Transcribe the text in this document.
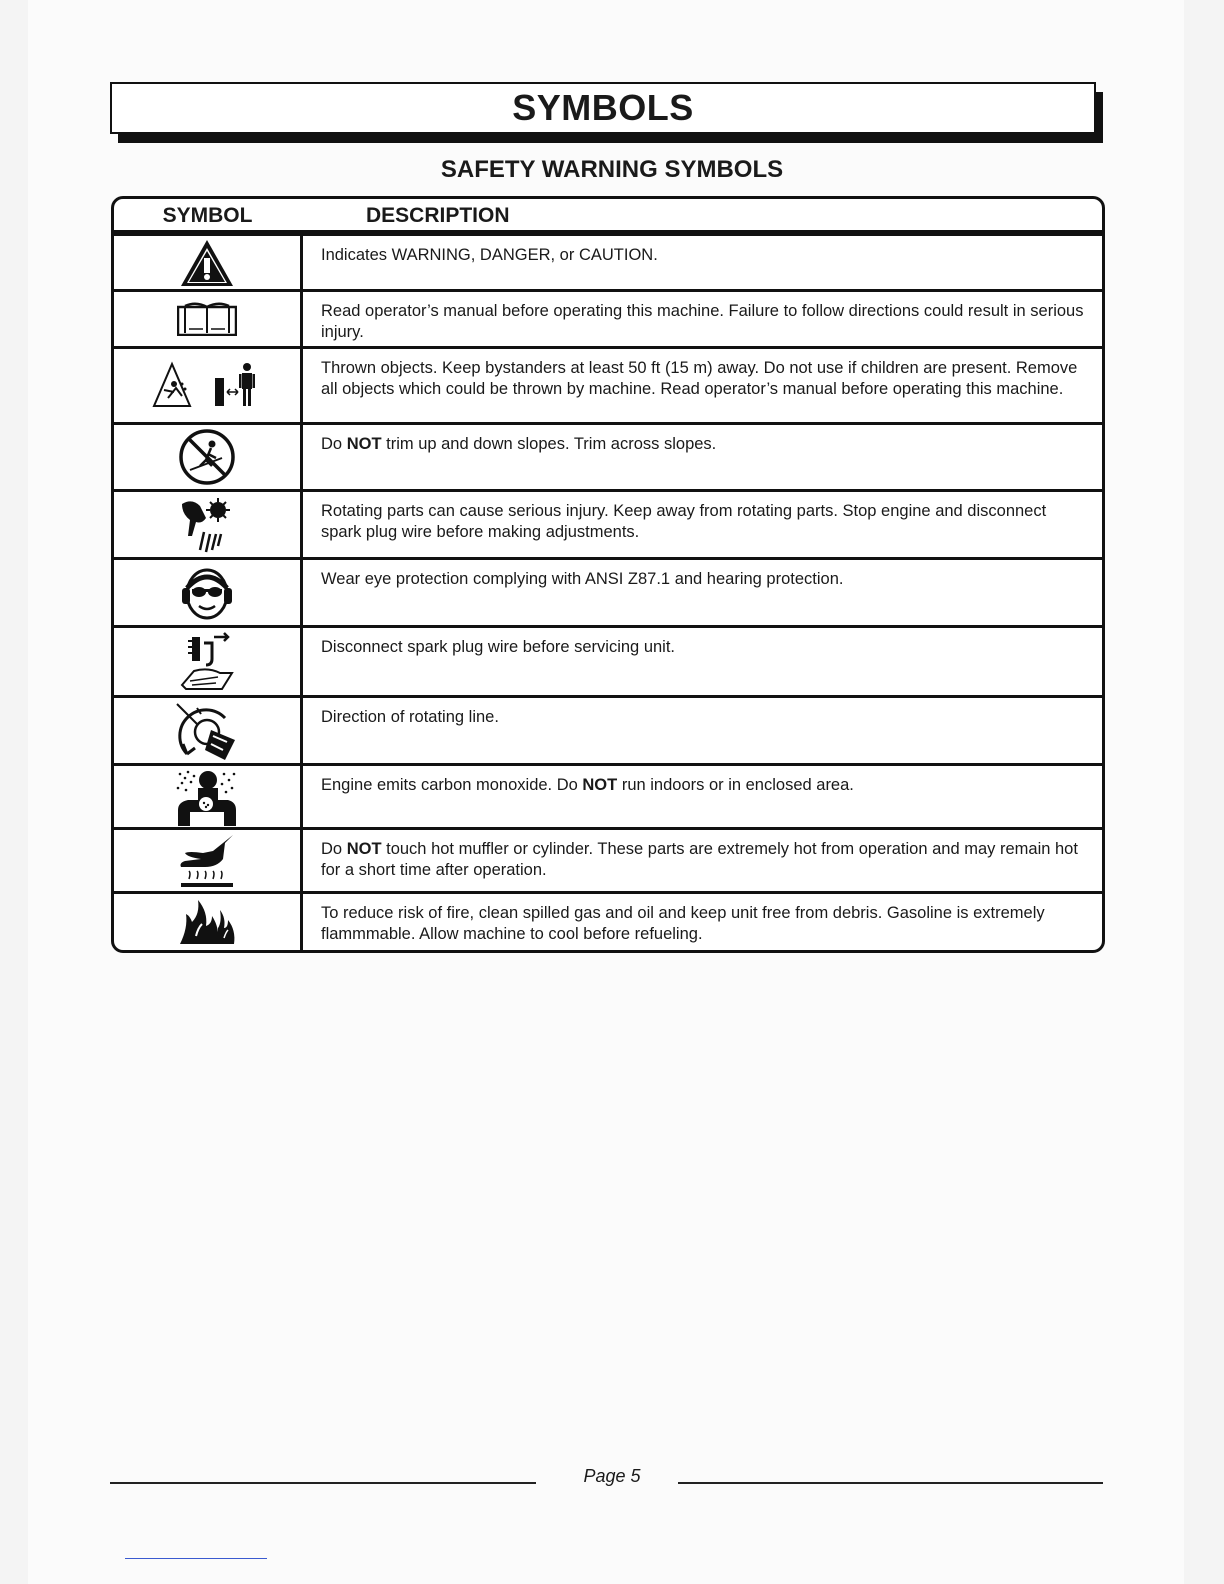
SYMBOLS
SAFETY WARNING SYMBOLS
SYMBOL	DESCRIPTION
Indicates WARNING, DANGER, or CAUTION.
Read operator’s manual before operating this machine. Failure to follow directions could result in serious injury.
Thrown objects. Keep bystanders at least 50 ft (15 m) away. Do not use if children are present. Remove all objects which could be thrown by machine. Read operator’s manual before operating this machine.
Do NOT trim up and down slopes. Trim across slopes.
Rotating parts can cause serious injury. Keep away from rotating parts. Stop engine and disconnect spark plug wire before making adjustments.
Wear eye protection complying with ANSI Z87.1 and hearing protection.
Disconnect spark plug wire before servicing unit.
Direction of rotating line.
Engine emits carbon monoxide. Do NOT run indoors or in enclosed area.
Do NOT touch hot muffler or cylinder. These parts are extremely hot from operation and may remain hot for a short time after operation.
To reduce risk of fire, clean spilled gas and oil and keep unit free from debris. Gasoline is extremely flammmable. Allow machine to cool before refueling.
Page 5
